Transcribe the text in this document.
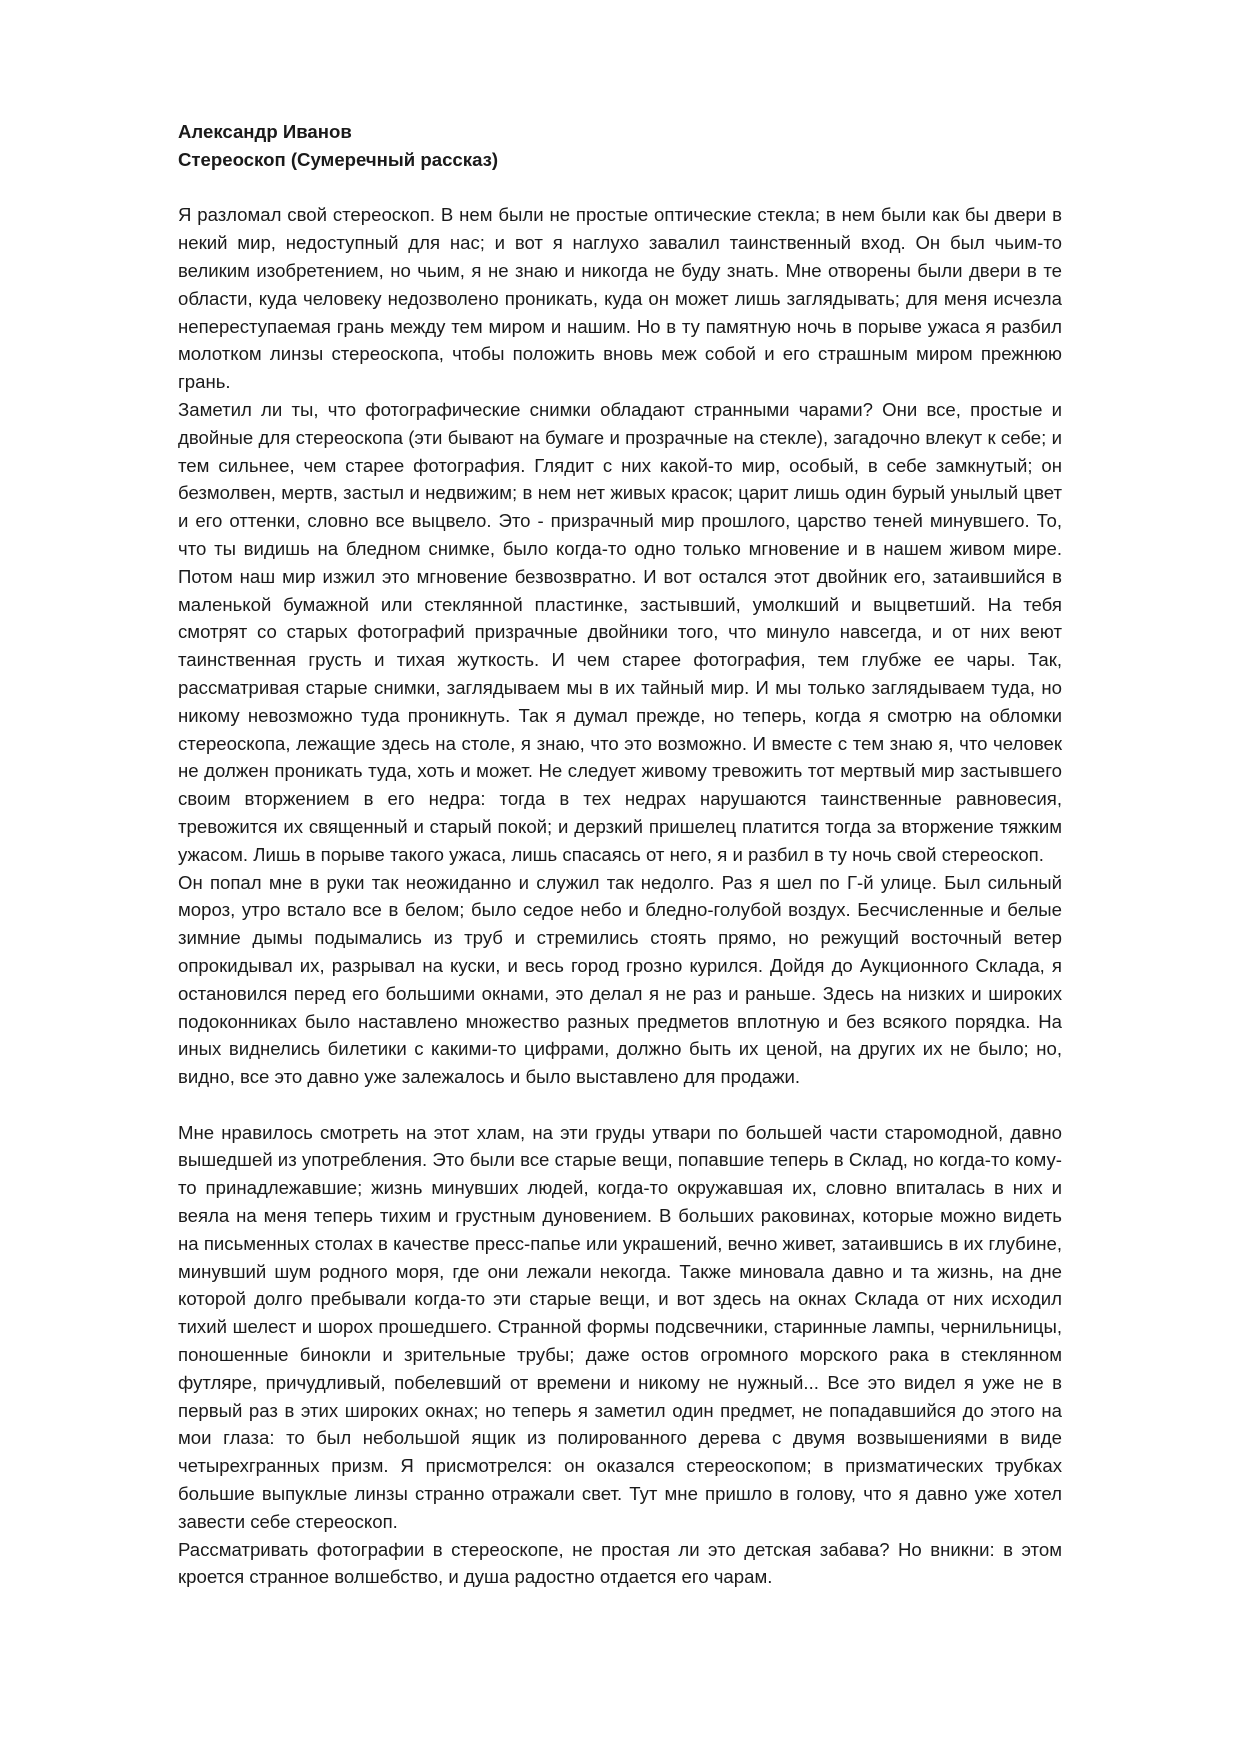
Александр Иванов

Стереоскоп (Сумеречный рассказ)

Я разломал свой стереоскоп. В нем были не простые оптические стекла; в нем были как бы двери в некий мир, недоступный для нас; и вот я наглухо завалил таинственный вход. Он был чьим-то великим изобретением, но чьим, я не знаю и никогда не буду знать. Мне отворены были двери в те области, куда человеку недозволено проникать, куда он может лишь заглядывать; для меня исчезла непереступаемая грань между тем миром и нашим. Но в ту памятную ночь в порыве ужаса я разбил молотком линзы стереоскопа, чтобы положить вновь меж собой и его страшным миром прежнюю грань.

Заметил ли ты, что фотографические снимки обладают странными чарами? Они все, простые и двойные для стереоскопа (эти бывают на бумаге и прозрачные на стекле), загадочно влекут к себе; и тем сильнее, чем старее фотография. Глядит с них какой-то мир, особый, в себе замкнутый; он безмолвен, мертв, застыл и недвижим; в нем нет живых красок; царит лишь один бурый унылый цвет и его оттенки, словно все выцвело. Это - призрачный мир прошлого, царство теней минувшего. То, что ты видишь на бледном снимке, было когда-то одно только мгновение и в нашем живом мире. Потом наш мир изжил это мгновение безвозвратно. И вот остался этот двойник его, затаившийся в маленькой бумажной или стеклянной пластинке, застывший, умолкший и выцветший. На тебя смотрят со старых фотографий призрачные двойники того, что минуло навсегда, и от них веют таинственная грусть и тихая жуткость. И чем старее фотография, тем глубже ее чары. Так, рассматривая старые снимки, заглядываем мы в их тайный мир. И мы только заглядываем туда, но никому невозможно туда проникнуть. Так я думал прежде, но теперь, когда я смотрю на обломки стереоскопа, лежащие здесь на столе, я знаю, что это возможно. И вместе с тем знаю я, что человек не должен проникать туда, хоть и может. Не следует живому тревожить тот мертвый мир застывшего своим вторжением в его недра: тогда в тех недрах нарушаются таинственные равновесия, тревожится их священный и старый покой; и дерзкий пришелец платится тогда за вторжение тяжким ужасом. Лишь в порыве такого ужаса, лишь спасаясь от него, я и разбил в ту ночь свой стереоскоп.

Он попал мне в руки так неожиданно и служил так недолго. Раз я шел по Г-й улице. Был сильный мороз, утро встало все в белом; было седое небо и бледно-голубой воздух. Бесчисленные и белые зимние дымы подымались из труб и стремились стоять прямо, но режущий восточный ветер опрокидывал их, разрывал на куски, и весь город грозно курился. Дойдя до Аукционного Склада, я остановился перед его большими окнами, это делал я не раз и раньше. Здесь на низких и широких подоконниках было наставлено множество разных предметов вплотную и без всякого порядка. На иных виднелись билетики с какими-то цифрами, должно быть их ценой, на других их не было; но, видно, все это давно уже залежалось и было выставлено для продажи.

Мне нравилось смотреть на этот хлам, на эти груды утвари по большей части старомодной, давно вышедшей из употребления. Это были все старые вещи, попавшие теперь в Склад, но когда-то кому-то принадлежавшие; жизнь минувших людей, когда-то окружавшая их, словно впиталась в них и веяла на меня теперь тихим и грустным дуновением. В больших раковинах, которые можно видеть на письменных столах в качестве пресс-папье или украшений, вечно живет, затаившись в их глубине, минувший шум родного моря, где они лежали некогда. Также миновала давно и та жизнь, на дне которой долго пребывали когда-то эти старые вещи, и вот здесь на окнах Склада от них исходил тихий шелест и шорох прошедшего. Странной формы подсвечники, старинные лампы, чернильницы, поношенные бинокли и зрительные трубы; даже остов огромного морского рака в стеклянном футляре, причудливый, побелевший от времени и никому не нужный... Все это видел я уже не в первый раз в этих широких окнах; но теперь я заметил один предмет, не попадавшийся до этого на мои глаза: то был небольшой ящик из полированного дерева с двумя возвышениями в виде четырехгранных призм. Я присмотрелся: он оказался стереоскопом; в призматических трубках большие выпуклые линзы странно отражали свет. Тут мне пришло в голову, что я давно уже хотел завести себе стереоскоп.

Рассматривать фотографии в стереоскопе, не простая ли это детская забава? Но вникни: в этом кроется странное волшебство, и душа радостно отдается его чарам.
